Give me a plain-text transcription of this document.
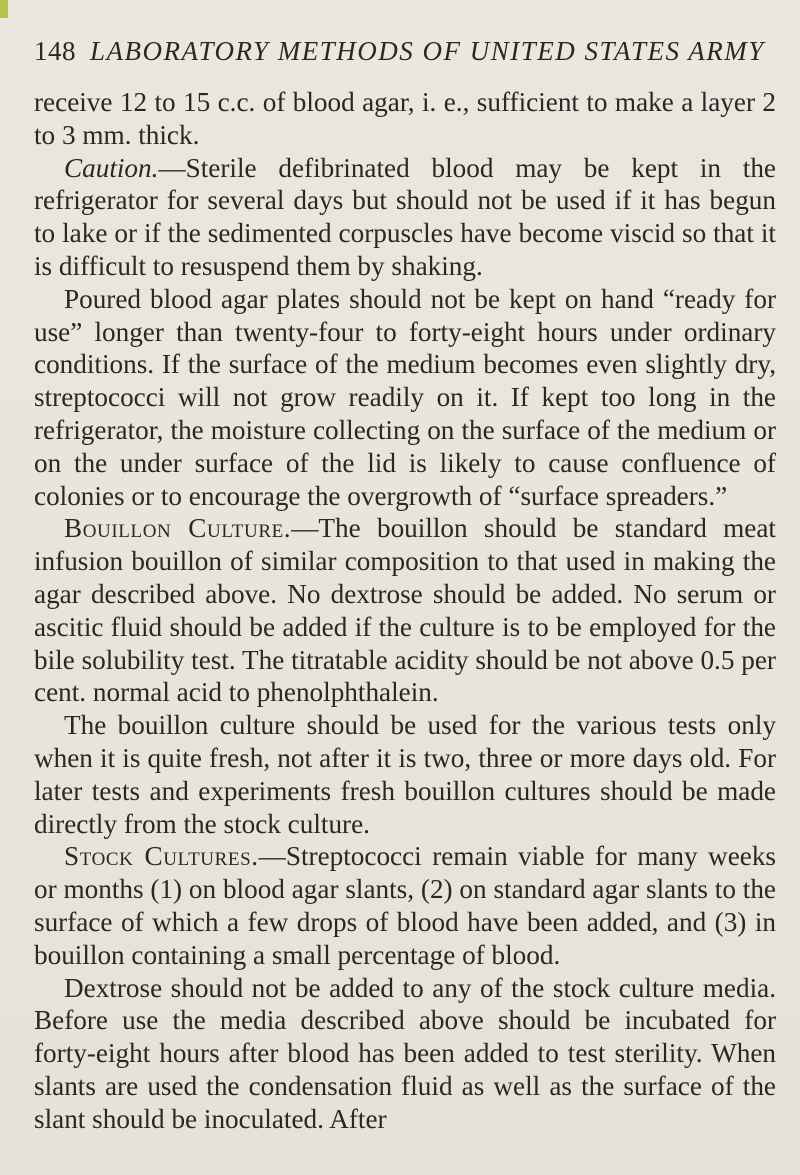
148 LABORATORY METHODS OF UNITED STATES ARMY

receive 12 to 15 c.c. of blood agar, i. e., sufficient to make a layer 2 to 3 mm. thick.

Caution.—Sterile defibrinated blood may be kept in the refrigerator for several days but should not be used if it has begun to lake or if the sedimented corpuscles have become viscid so that it is difficult to resuspend them by shaking.

Poured blood agar plates should not be kept on hand “ready for use” longer than twenty-four to forty-eight hours under ordinary conditions. If the surface of the medium becomes even slightly dry, streptococci will not grow readily on it. If kept too long in the refrigerator, the moisture collecting on the surface of the medium or on the under surface of the lid is likely to cause confluence of colonies or to encourage the overgrowth of “surface spreaders.”

Bouillon Culture.—The bouillon should be standard meat infusion bouillon of similar composition to that used in making the agar described above. No dextrose should be added. No serum or ascitic fluid should be added if the culture is to be employed for the bile solubility test. The titratable acidity should be not above 0.5 per cent. normal acid to phenolphthalein.

The bouillon culture should be used for the various tests only when it is quite fresh, not after it is two, three or more days old. For later tests and experiments fresh bouillon cultures should be made directly from the stock culture.

Stock Cultures.—Streptococci remain viable for many weeks or months (1) on blood agar slants, (2) on standard agar slants to the surface of which a few drops of blood have been added, and (3) in bouillon containing a small percentage of blood.

Dextrose should not be added to any of the stock culture media. Before use the media described above should be incubated for forty-eight hours after blood has been added to test sterility. When slants are used the condensation fluid as well as the surface of the slant should be inoculated. After
